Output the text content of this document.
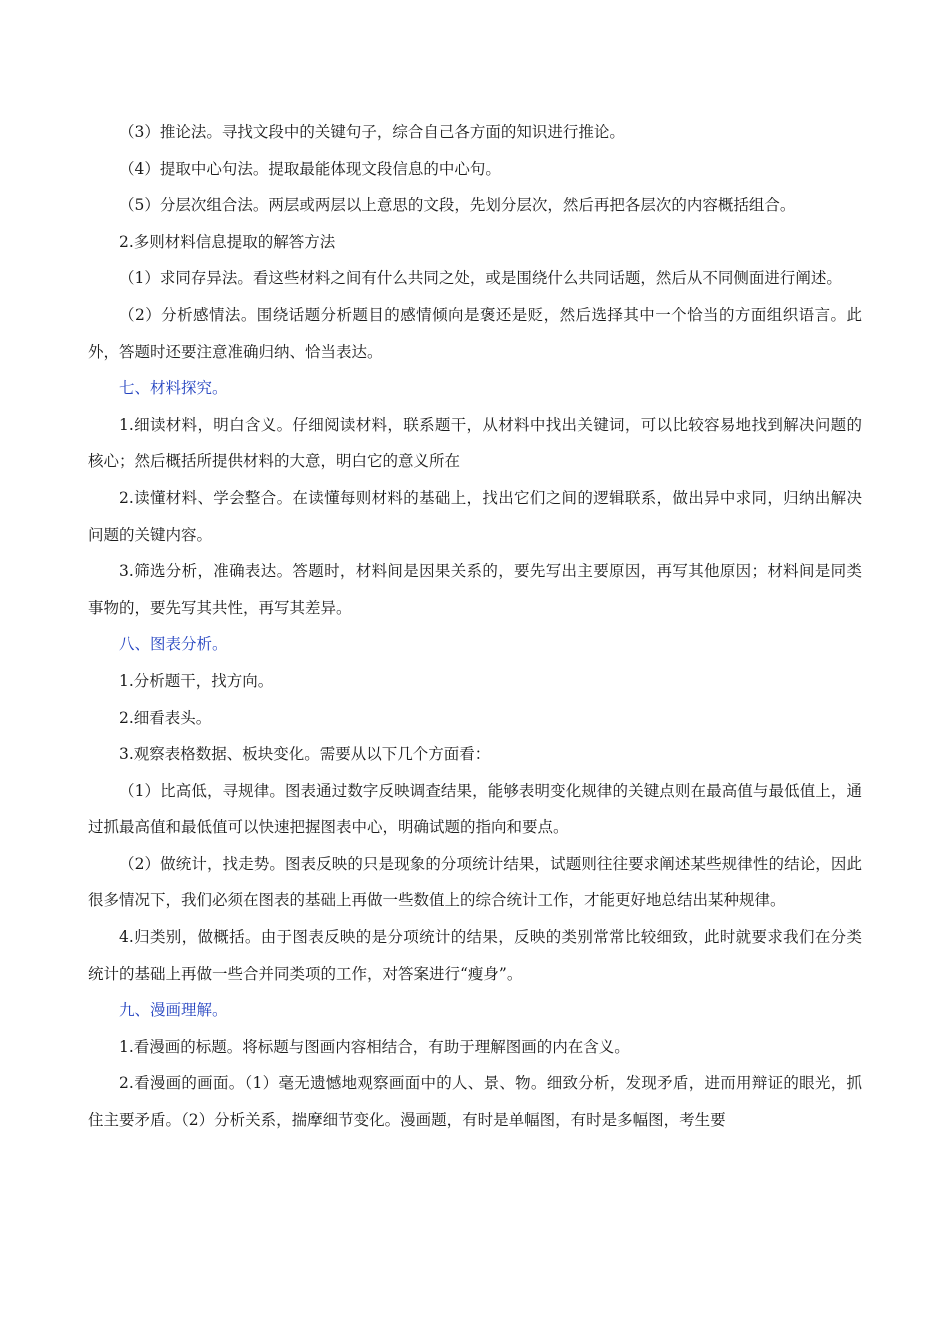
（3）推论法。寻找文段中的关键句子，综合自己各方面的知识进行推论。

（4）提取中心句法。提取最能体现文段信息的中心句。

（5）分层次组合法。两层或两层以上意思的文段，先划分层次，然后再把各层次的内容概括组合。

2.多则材料信息提取的解答方法

（1）求同存异法。看这些材料之间有什么共同之处，或是围绕什么共同话题，然后从不同侧面进行阐述。

（2）分析感情法。围绕话题分析题目的感情倾向是褒还是贬，然后选择其中一个恰当的方面组织语言。此外，答题时还要注意准确归纳、恰当表达。

七、材料探究。

1.细读材料，明白含义。仔细阅读材料，联系题干，从材料中找出关键词，可以比较容易地找到解决问题的核心；然后概括所提供材料的大意，明白它的意义所在

2.读懂材料、学会整合。在读懂每则材料的基础上，找出它们之间的逻辑联系，做出异中求同，归纳出解决问题的关键内容。

3.筛选分析，准确表达。答题时，材料间是因果关系的，要先写出主要原因，再写其他原因；材料间是同类事物的，要先写其共性，再写其差异。

八、图表分析。

1.分析题干，找方向。

2.细看表头。

3.观察表格数据、板块变化。需要从以下几个方面看：

（1）比高低，寻规律。图表通过数字反映调查结果，能够表明变化规律的关键点则在最高值与最低值上，通过抓最高值和最低值可以快速把握图表中心，明确试题的指向和要点。

（2）做统计，找走势。图表反映的只是现象的分项统计结果，试题则往往要求阐述某些规律性的结论，因此很多情况下，我们必须在图表的基础上再做一些数值上的综合统计工作，才能更好地总结出某种规律。

4.归类别，做概括。由于图表反映的是分项统计的结果，反映的类别常常比较细致，此时就要求我们在分类统计的基础上再做一些合并同类项的工作，对答案进行“瘦身”。

九、漫画理解。

1.看漫画的标题。将标题与图画内容相结合，有助于理解图画的内在含义。

2.看漫画的画面。（1）毫无遗憾地观察画面中的人、景、物。细致分析，发现矛盾，进而用辩证的眼光，抓住主要矛盾。（2）分析关系，揣摩细节变化。漫画题，有时是单幅图，有时是多幅图，考生要
